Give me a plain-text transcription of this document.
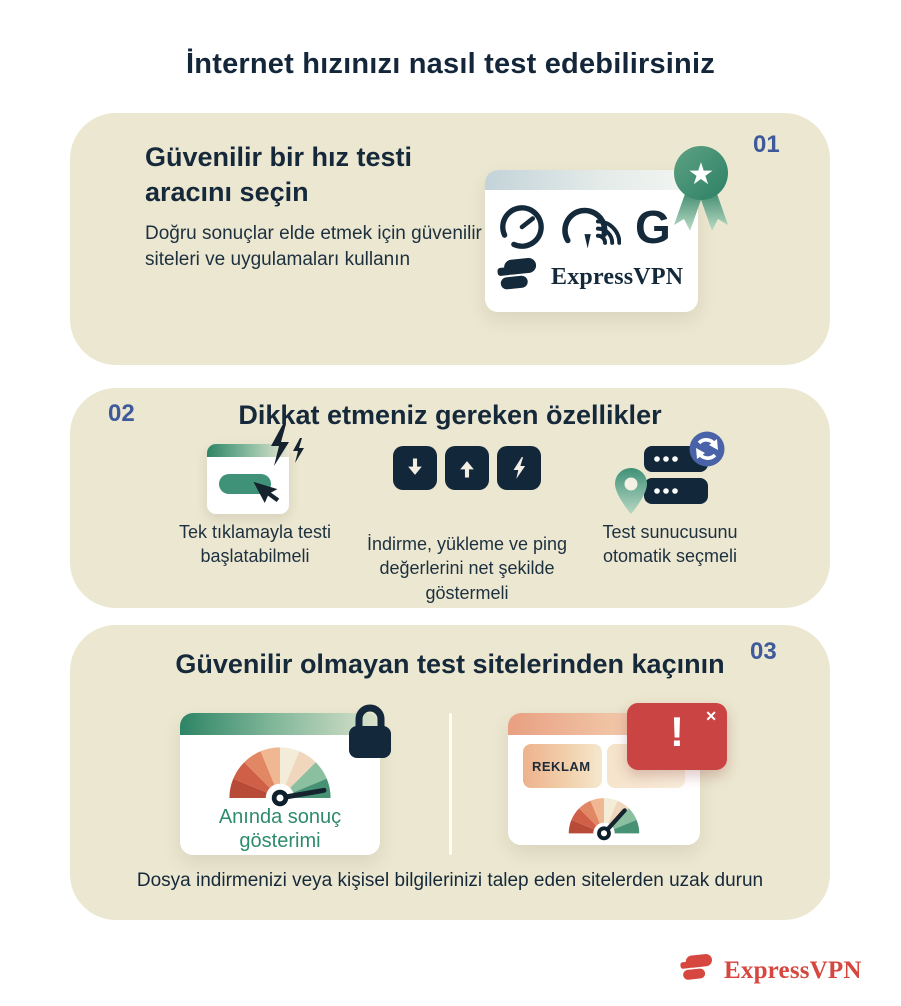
İnternet hızınızı nasıl test edebilirsiniz
01
Güvenilir bir hız testi aracını seçin

Doğru sonuçlar elde etmek için güvenilir siteleri ve uygulamaları kullanın

G
ExpressVPN
★
02	Dikkat etmeniz gereken özellikler
Tek tıklamayla testi başlatabilmeli
İndirme, yükleme ve ping değerlerini net şekilde göstermeli
Test sunucusunu otomatik seçmeli
03
Güvenilir olmayan test sitelerinden kaçının
Anında sonuç gösterimi
REKLAM
!	✕
Dosya indirmenizi veya kişisel bilgilerinizi talep eden sitelerden uzak durun
ExpressVPN
